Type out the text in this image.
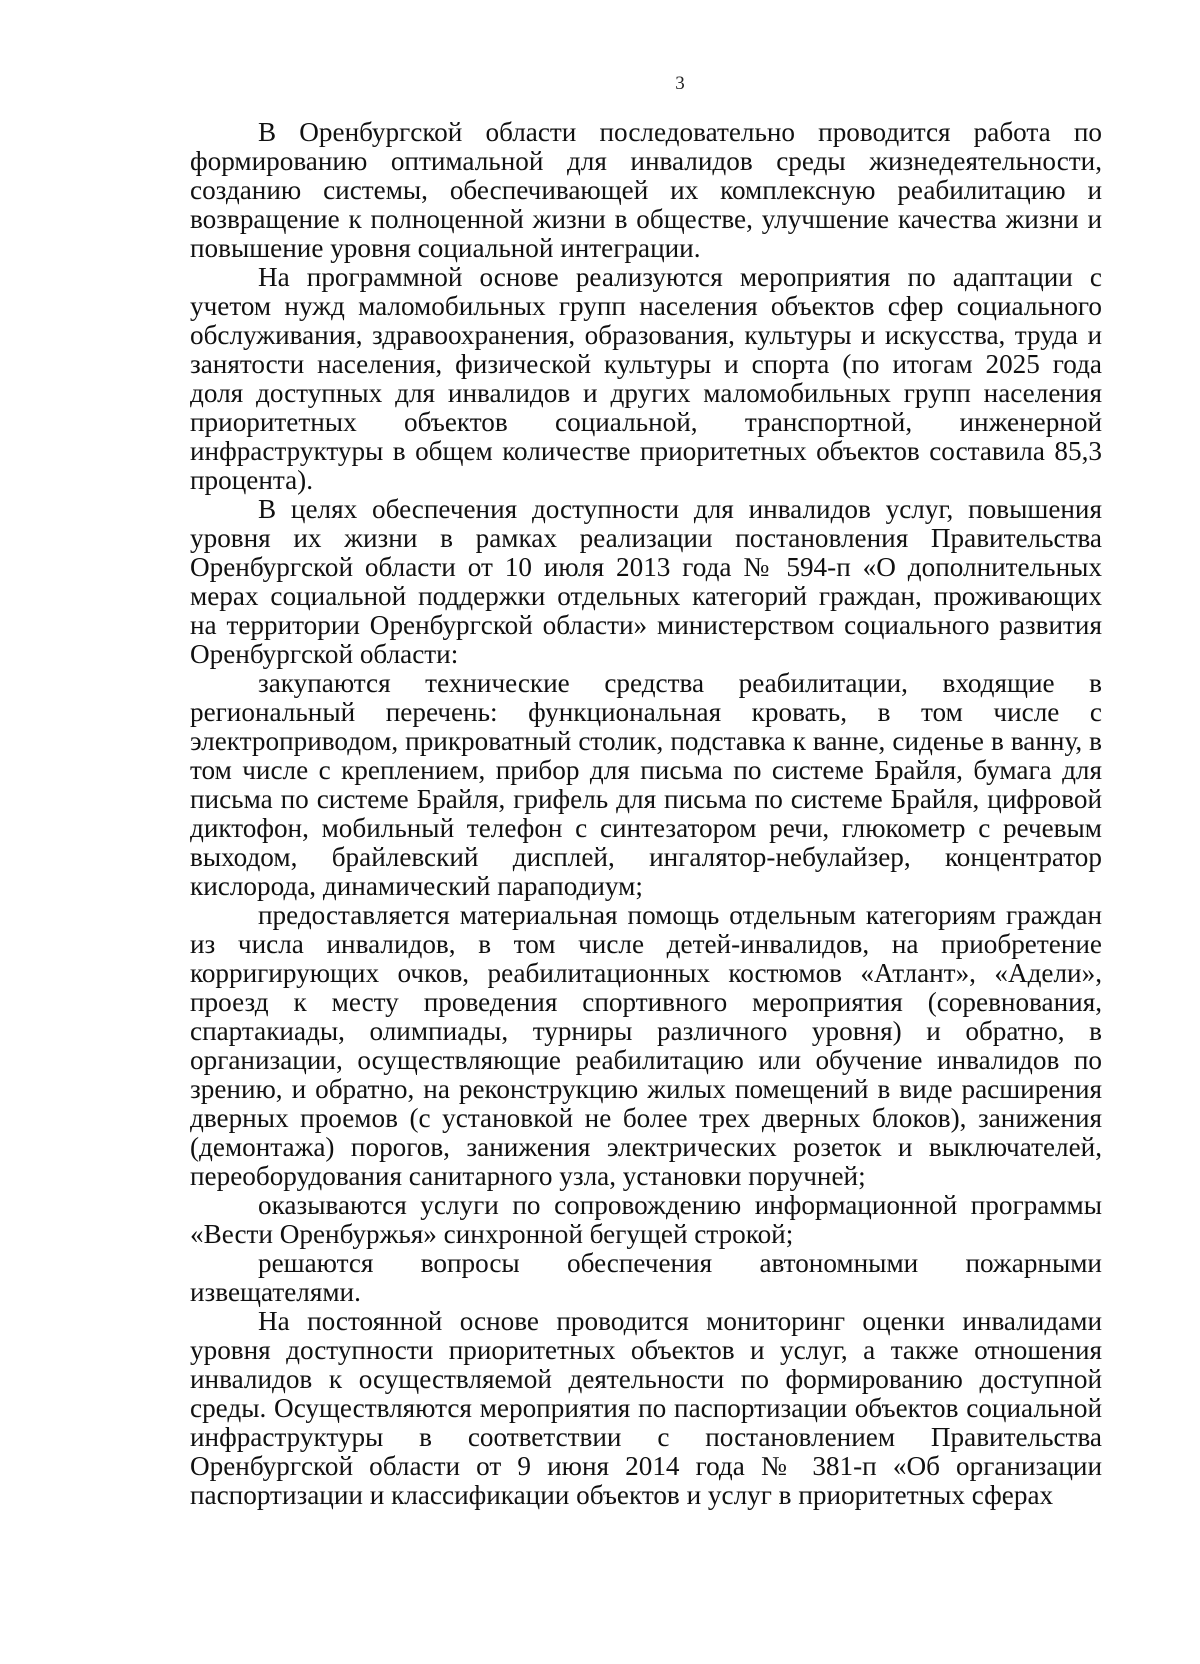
3

В Оренбургской области последовательно проводится работа по формированию оптимальной для инвалидов среды жизнедеятельности, созданию системы, обеспечивающей их комплексную реабилитацию и возвращение к полноценной жизни в обществе, улучшение качества жизни и повышение уровня социальной интеграции.

На программной основе реализуются мероприятия по адаптации с учетом нужд маломобильных групп населения объектов сфер социального обслуживания, здравоохранения, образования, культуры и искусства, труда и занятости населения, физической культуры и спорта (по итогам 2025 года доля доступных для инвалидов и других маломобильных групп населения приоритетных объектов социальной, транспортной, инженерной инфраструктуры в общем количестве приоритетных объектов составила 85,3 процента).

В целях обеспечения доступности для инвалидов услуг, повышения уровня их жизни в рамках реализации постановления Правительства Оренбургской области от 10 июля 2013 года № 594-п «О дополнительных мерах социальной поддержки отдельных категорий граждан, проживающих на территории Оренбургской области» министерством социального развития Оренбургской области:

закупаются технические средства реабилитации, входящие в региональный перечень: функциональная кровать, в том числе с электроприводом, прикроватный столик, подставка к ванне, сиденье в ванну, в том числе с креплением, прибор для письма по системе Брайля, бумага для письма по системе Брайля, грифель для письма по системе Брайля, цифровой диктофон, мобильный телефон с синтезатором речи, глюкометр с речевым выходом, брайлевский дисплей, ингалятор-небулайзер, концентратор кислорода, динамический параподиум;

предоставляется материальная помощь отдельным категориям граждан из числа инвалидов, в том числе детей-инвалидов, на приобретение корригирующих очков, реабилитационных костюмов «Атлант», «Адели», проезд к месту проведения спортивного мероприятия (соревнования, спартакиады, олимпиады, турниры различного уровня) и обратно, в организации, осуществляющие реабилитацию или обучение инвалидов по зрению, и обратно, на реконструкцию жилых помещений в виде расширения дверных проемов (с установкой не более трех дверных блоков), занижения (демонтажа) порогов, занижения электрических розеток и выключателей, переоборудования санитарного узла, установки поручней;

оказываются услуги по сопровождению информационной программы «Вести Оренбуржья» синхронной бегущей строкой;

решаются вопросы обеспечения автономными пожарными извещателями.

На постоянной основе проводится мониторинг оценки инвалидами уровня доступности приоритетных объектов и услуг, а также отношения инвалидов к осуществляемой деятельности по формированию доступной среды. Осуществляются мероприятия по паспортизации объектов социальной инфраструктуры в соответствии с постановлением Правительства Оренбургской области от 9 июня 2014 года № 381-п «Об организации паспортизации и классификации объектов и услуг в приоритетных сферах
